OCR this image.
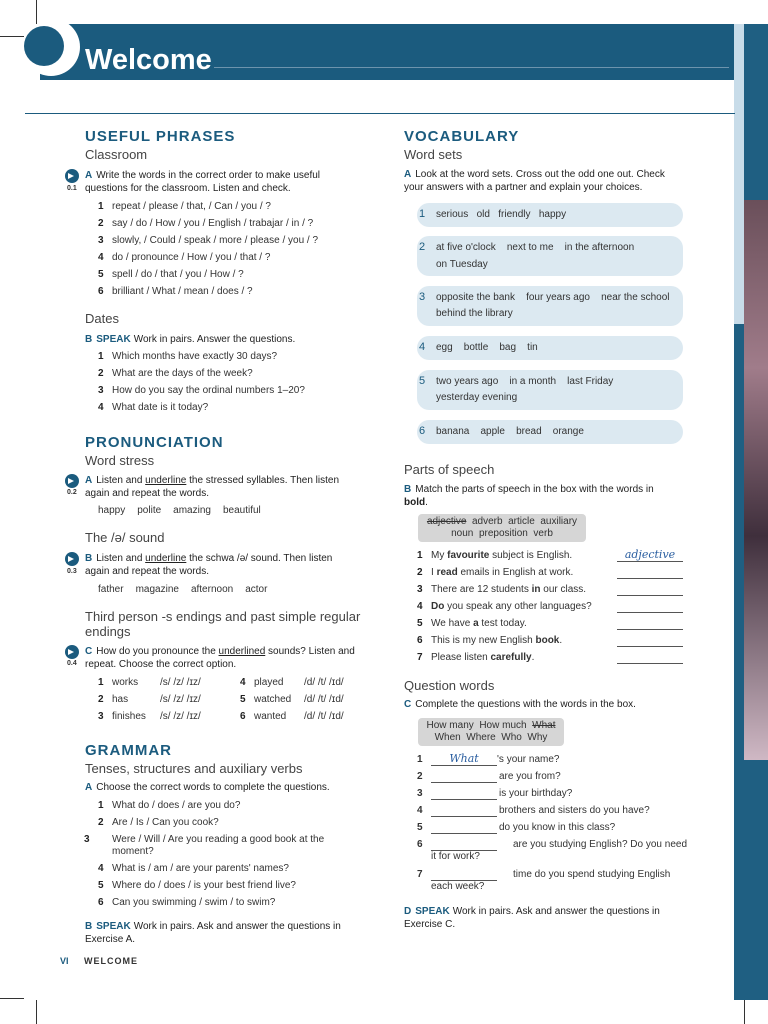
Welcome
USEFUL PHRASES
Classroom
0.1
A Write the words in the correct order to make useful questions for the classroom. Listen and check.
1 repeat / please / that, / Can / you / ?
2 say / do / How / you / English / trabajar / in / ?
3 slowly, / Could / speak / more / please / you / ?
4 do / pronounce / How / you / that / ?
5 spell / do / that / you / How / ?
6 brilliant / What / mean / does / ?
Dates
B SPEAK Work in pairs. Answer the questions.
1 Which months have exactly 30 days?
2 What are the days of the week?
3 How do you say the ordinal numbers 1–20?
4 What date is it today?
PRONUNCIATION
Word stress
0.2
A Listen and underline the stressed syllables. Then listen again and repeat the words.
happy polite amazing beautiful
The /ə/ sound
0.3
B Listen and underline the schwa /ə/ sound. Then listen again and repeat the words.
father magazine afternoon actor
Third person -s endings and past simple regular endings
0.4
C How do you pronounce the underlined sounds? Listen and repeat. Choose the correct option.
1 works /s/ /z/ /ɪz/
2 has	/s/ /z/ /ɪz/
3 finishes /s/ /z/ /ɪz/
4 played /d/ /t/ /ɪd/
5 watched /d/ /t/ /ɪd/
6 wanted /d/ /t/ /ɪd/
GRAMMAR
Tenses, structures and auxiliary verbs
A Choose the correct words to complete the questions.
1 What do / does / are you do?
2 Are / Is / Can you cook?
3 Were / Will / Are you reading a good book at the moment?
4 What is / am / are your parents' names?
5 Where do / does / is your best friend live?
6 Can you swimming / swim / to swim?
B SPEAK Work in pairs. Ask and answer the questions in Exercise A.
VI WELCOME
VOCABULARY
Word sets
A Look at the word sets. Cross out the odd one out. Check your answers with a partner and explain your choices.
1 serious   old   friendly   happy
2 at five o'clock    next to me    in the afternoon
on Tuesday
3 opposite the bank    four years ago    near the school
behind the library
4 egg    bottle    bag    tin
5 two years ago    in a month    last Friday
yesterday evening
6 banana    apple    bread    orange
Parts of speech
B Match the parts of speech in the box with the words in bold.
adjective adverb article auxiliary
noun preposition verb
1 My favourite subject is English.	adjective
2 I read emails in English at work.
3 There are 12 students in our class.
4 Do you speak any other languages?
5 We have a test today.
6 This is my new English book.
7 Please listen carefully.
Question words
C Complete the questions with the words in the box.
How many How much What
When Where Who Why
1	What	's your name?
2	are you from?
3	is your birthday?
4	brothers and sisters do you have?
5	do you know in this class?
6	are you studying English? Do you need it for work?
7	time do you spend studying English each week?
D SPEAK Work in pairs. Ask and answer the questions in Exercise C.
